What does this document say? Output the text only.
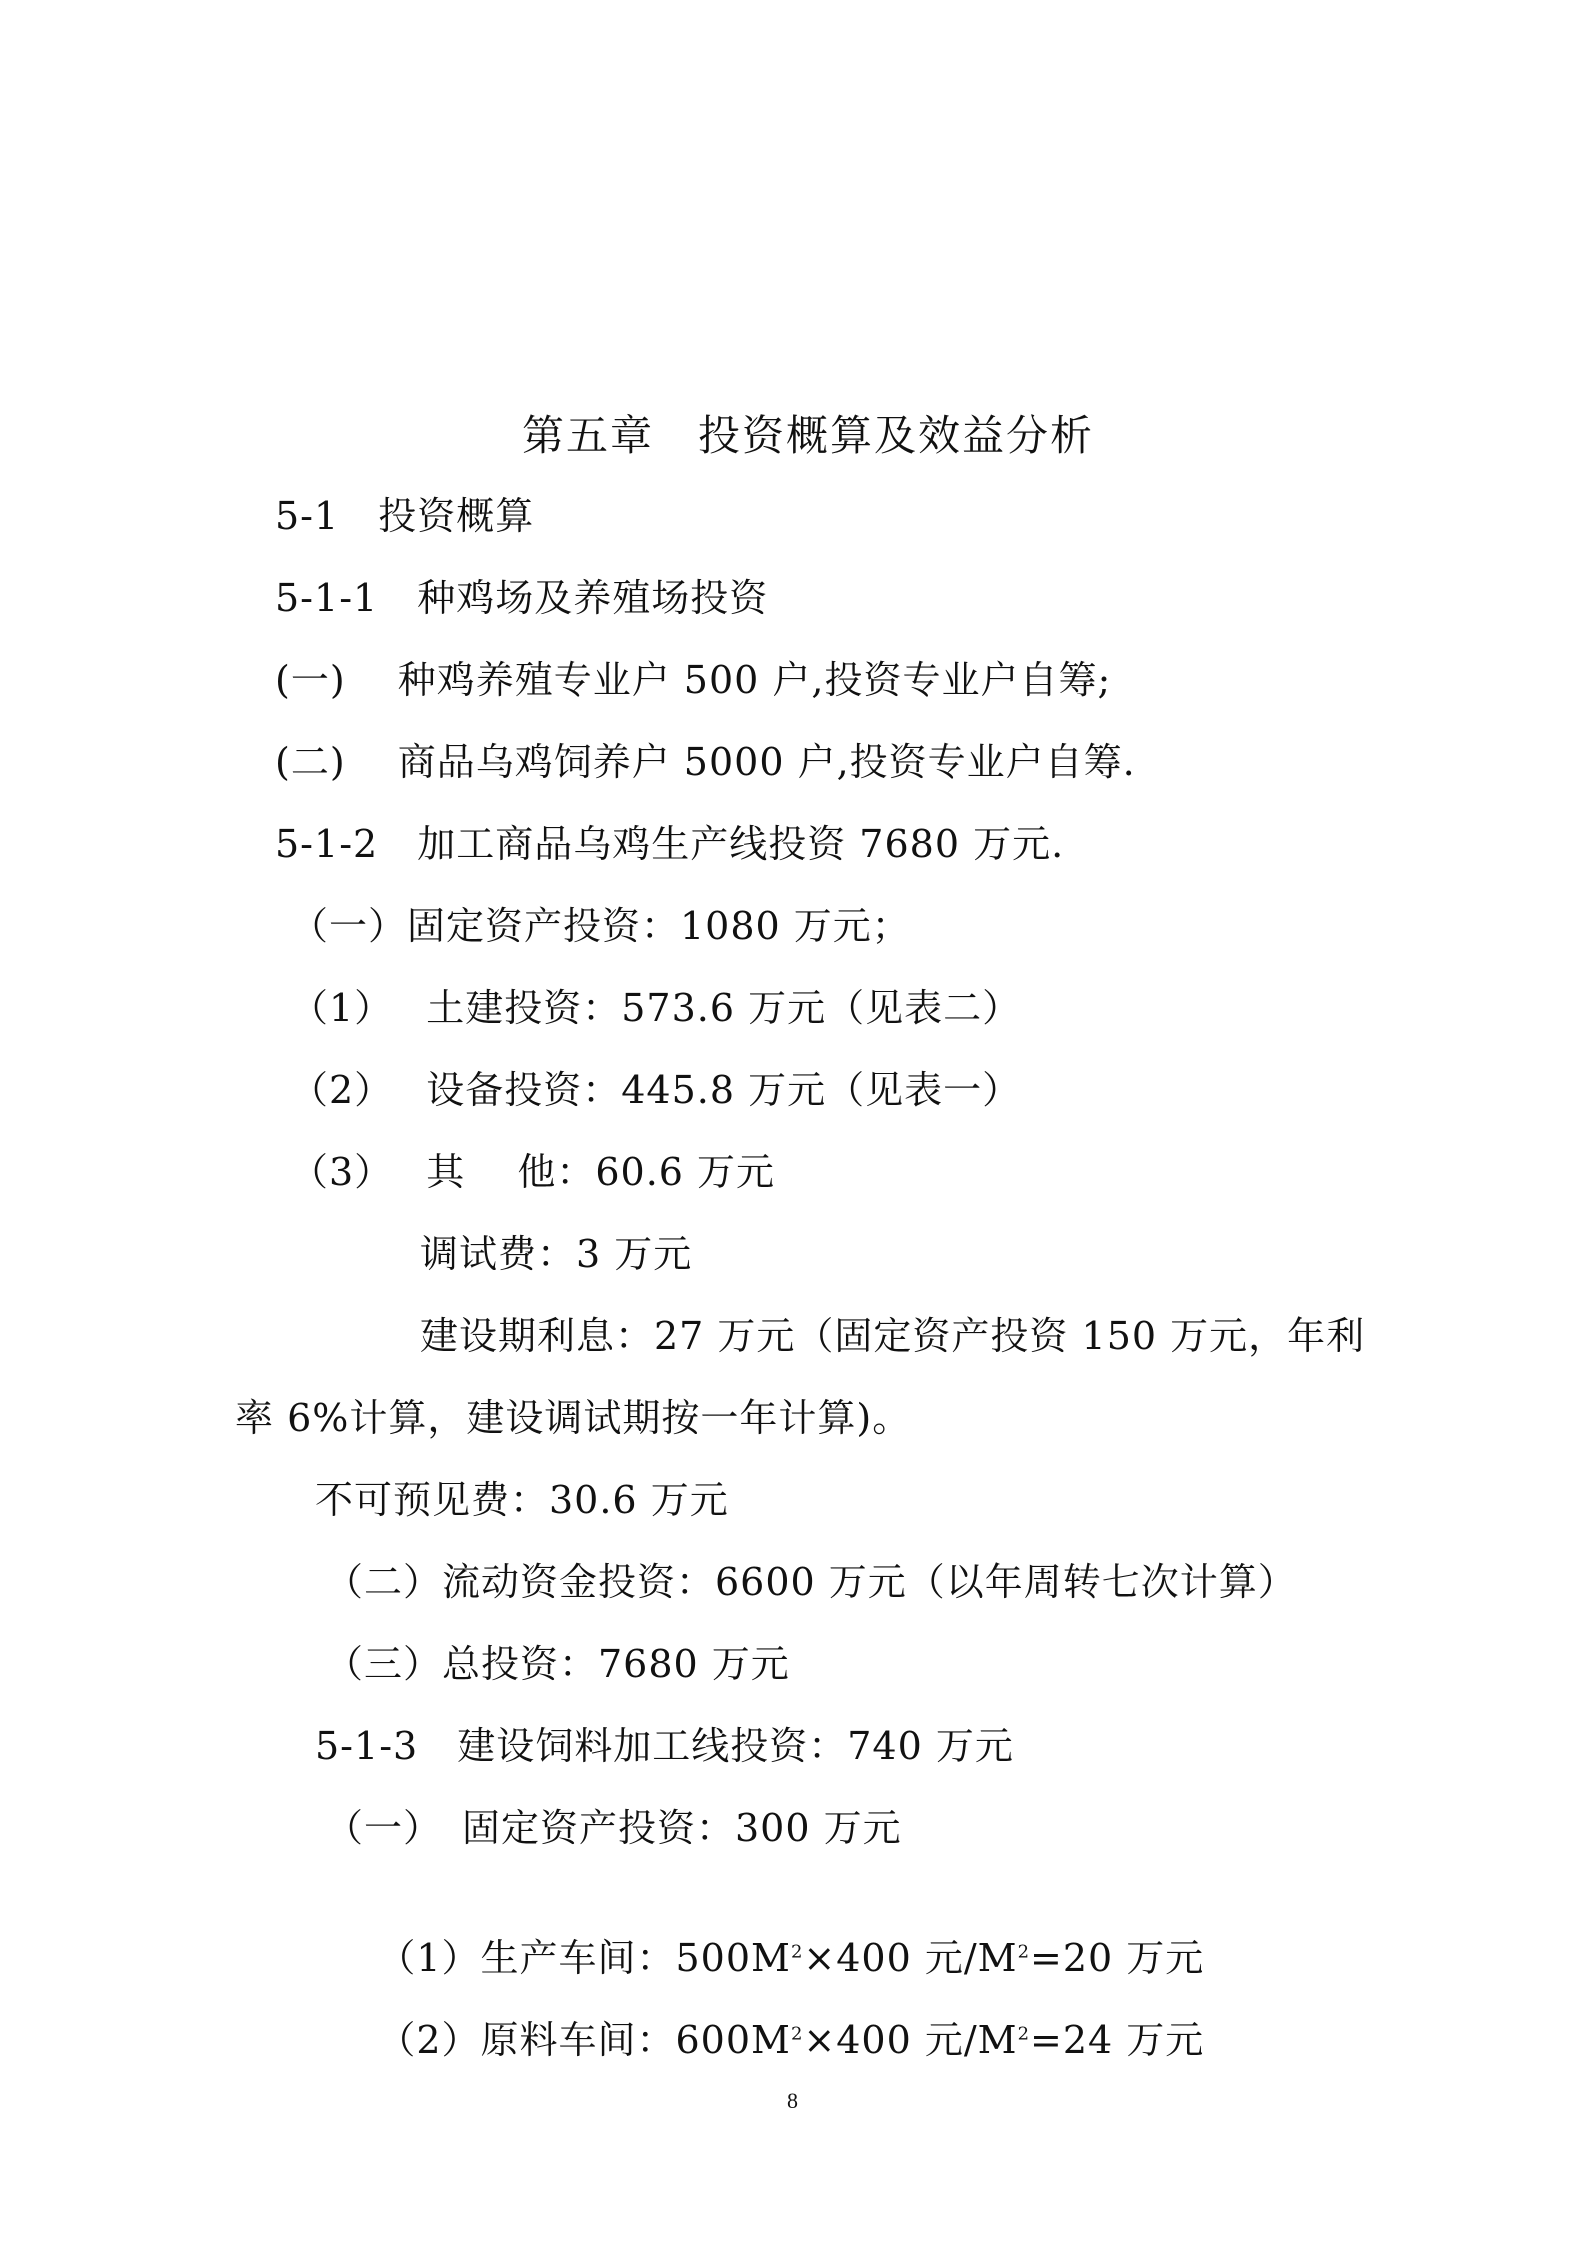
第五章　投资概算及效益分析
5-1　投资概算
5-1-1　种鸡场及养殖场投资
(一)　 种鸡养殖专业户 500 户,投资专业户自筹;
(二)　 商品乌鸡饲养户 5000 户,投资专业户自筹.
5-1-2　加工商品乌鸡生产线投资 7680 万元.
（一）固定资产投资：1080 万元；
（1）　 土建投资：573.6 万元（见表二）
（2）　 设备投资：445.8 万元（见表一）
（3）　 其　 他：60.6 万元
调试费：3 万元
建设期利息：27 万元（固定资产投资 150 万元，年利
率 6%计算，建设调试期按一年计算)。
不可预见费：30.6 万元
（二）流动资金投资：6600 万元（以年周转七次计算）
（三）总投资：7680 万元
5-1-3　建设饲料加工线投资：740 万元
（一）　固定资产投资：300 万元

（1）生产车间：$500M^2\times 400$ 元$/M^2=20$ 万元

（2）原料车间：$600M^2\times 400$ 元$/M^2=24$ 万元

8
